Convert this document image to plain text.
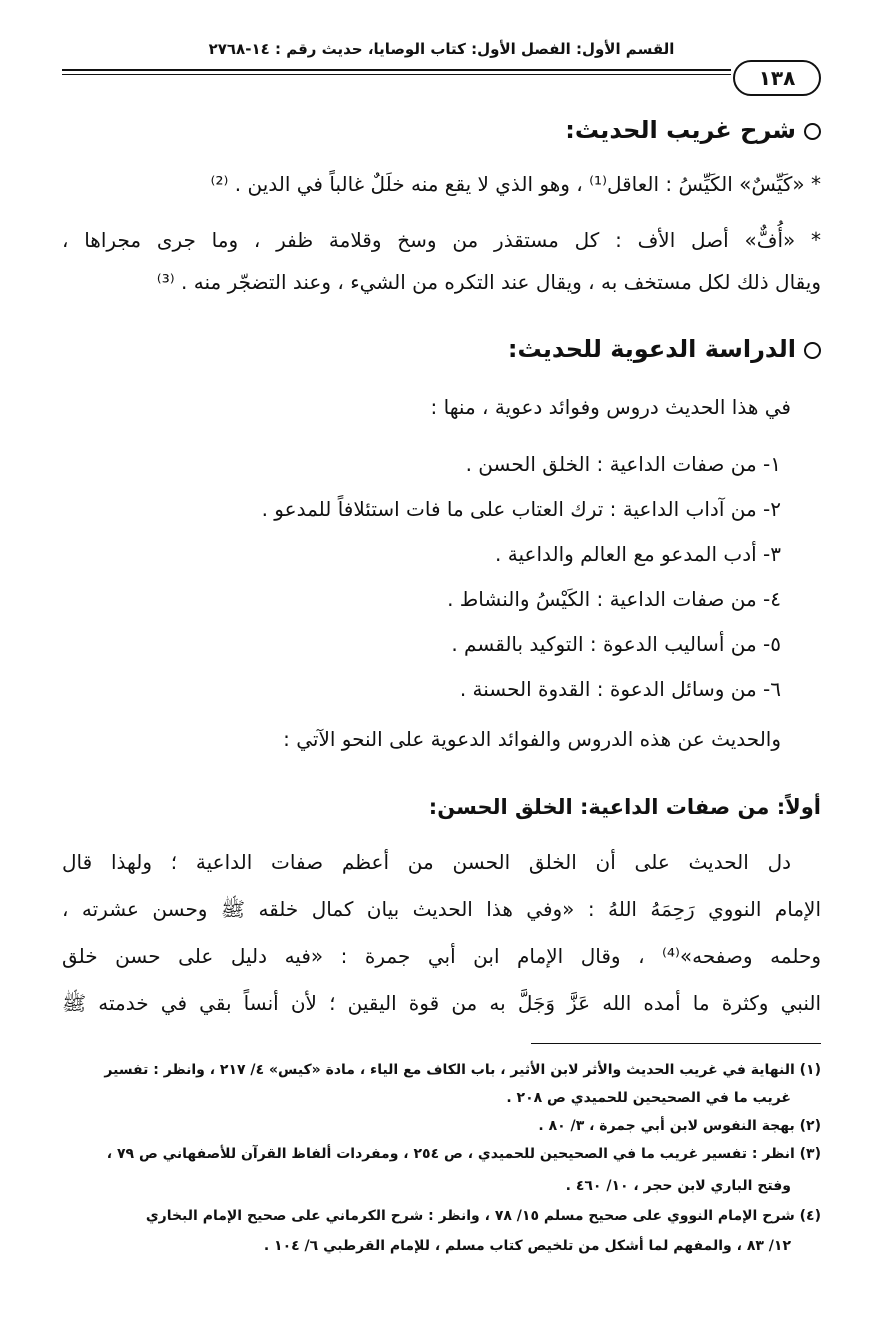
القسم الأول: الفصل الأول: كتاب الوصايا، حديث رقم : ١٤-٢٧٦٨
١٣٨
شرح غريب الحديث:
* «كَيِّسٌ» الكَيِّسُ : العاقل⁽¹⁾ ، وهو الذي لا يقع منه خلَلٌ غالباً في الدين . ⁽²⁾
* «أُفٌّ» أصل الأف : كل مستقذر من وسخ وقلامة ظفر ، وما جرى مجراها ،
ويقال ذلك لكل مستخف به ، ويقال عند التكره من الشيء ، وعند التضجّر منه . ⁽³⁾
الدراسة الدعوية للحديث:
في هذا الحديث دروس وفوائد دعوية ، منها :
١- من صفات الداعية : الخلق الحسن .
٢- من آداب الداعية : ترك العتاب على ما فات استئلافاً للمدعو .
٣- أدب المدعو مع العالم والداعية .
٤- من صفات الداعية : الكَيْسُ والنشاط .
٥- من أساليب الدعوة : التوكيد بالقسم .
٦- من وسائل الدعوة : القدوة الحسنة .
والحديث عن هذه الدروس والفوائد الدعوية على النحو الآتي :
أولاً: من صفات الداعية: الخلق الحسن:
دل الحديث على أن الخلق الحسن من أعظم صفات الداعية ؛ ولهذا قال
الإمام النووي رَحِمَهُ اللهُ : «وفي هذا الحديث بيان كمال خلقه ﷺ وحسن عشرته ،
وحلمه وصفحه»⁽⁴⁾ ، وقال الإمام ابن أبي جمرة : «فيه دليل على حسن خلق
النبي وكثرة ما أمده الله عَزَّ وَجَلَّ به من قوة اليقين ؛ لأن أنساً بقي في خدمته ﷺ
(١) النهاية في غريب الحديث والأثر لابن الأثير ، باب الكاف مع الياء ، مادة «كيس» ٤/ ٢١٧ ، وانظر : تفسير
غريب ما في الصحيحين للحميدي ص ٢٠٨ .
(٢) بهجة النفوس لابن أبي جمرة ، ٣/ ٨٠ .
(٣) انظر : تفسير غريب ما في الصحيحين للحميدي ، ص ٢٥٤ ، ومفردات ألفاظ القرآن للأصفهاني ص ٧٩ ،
وفتح الباري لابن حجر ، ١٠/ ٤٦٠ .
(٤) شرح الإمام النووي على صحيح مسلم ١٥/ ٧٨ ، وانظر : شرح الكرماني على صحيح الإمام البخاري
١٢/ ٨٣ ، والمفهم لما أشكل من تلخيص كتاب مسلم ، للإمام القرطبي ٦/ ١٠٤ .
